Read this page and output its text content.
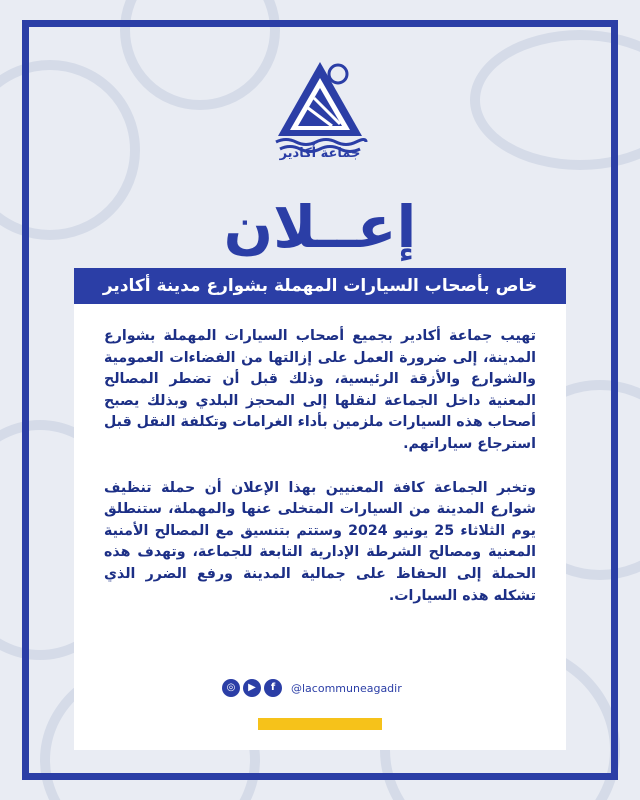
جماعة أكادير
إعــلان
خاص بأصحاب السيارات المهملة بشوارع مدينة أكادير

تهيب جماعة أكادير بجميع أصحاب السيارات المهملة بشوارع المدينة، إلى ضرورة العمل على إزالتها من الفضاءات العمومية والشوارع والأزقة الرئيسية، وذلك قبل أن تضطر المصالح المعنية داخل الجماعة لنقلها إلى المحجز البلدي وبذلك يصبح أصحاب هذه السيارات ملزمين بأداء الغرامات وتكلفة النقل قبل استرجاع سياراتهم.

وتخبر الجماعة كافة المعنيين بهذا الإعلان أن حملة تنظيف شوارع المدينة من السيارات المتخلى عنها والمهملة، ستنطلق يوم الثلاثاء 25 يونيو 2024 وستتم بتنسيق مع المصالح الأمنية المعنية ومصالح الشرطة الإدارية التابعة للجماعة، وتهدف هذه الحملة إلى الحفاظ على جمالية المدينة ورفع الضرر الذي تشكله هذه السيارات.

◎	▶	f	@lacommuneagadir
